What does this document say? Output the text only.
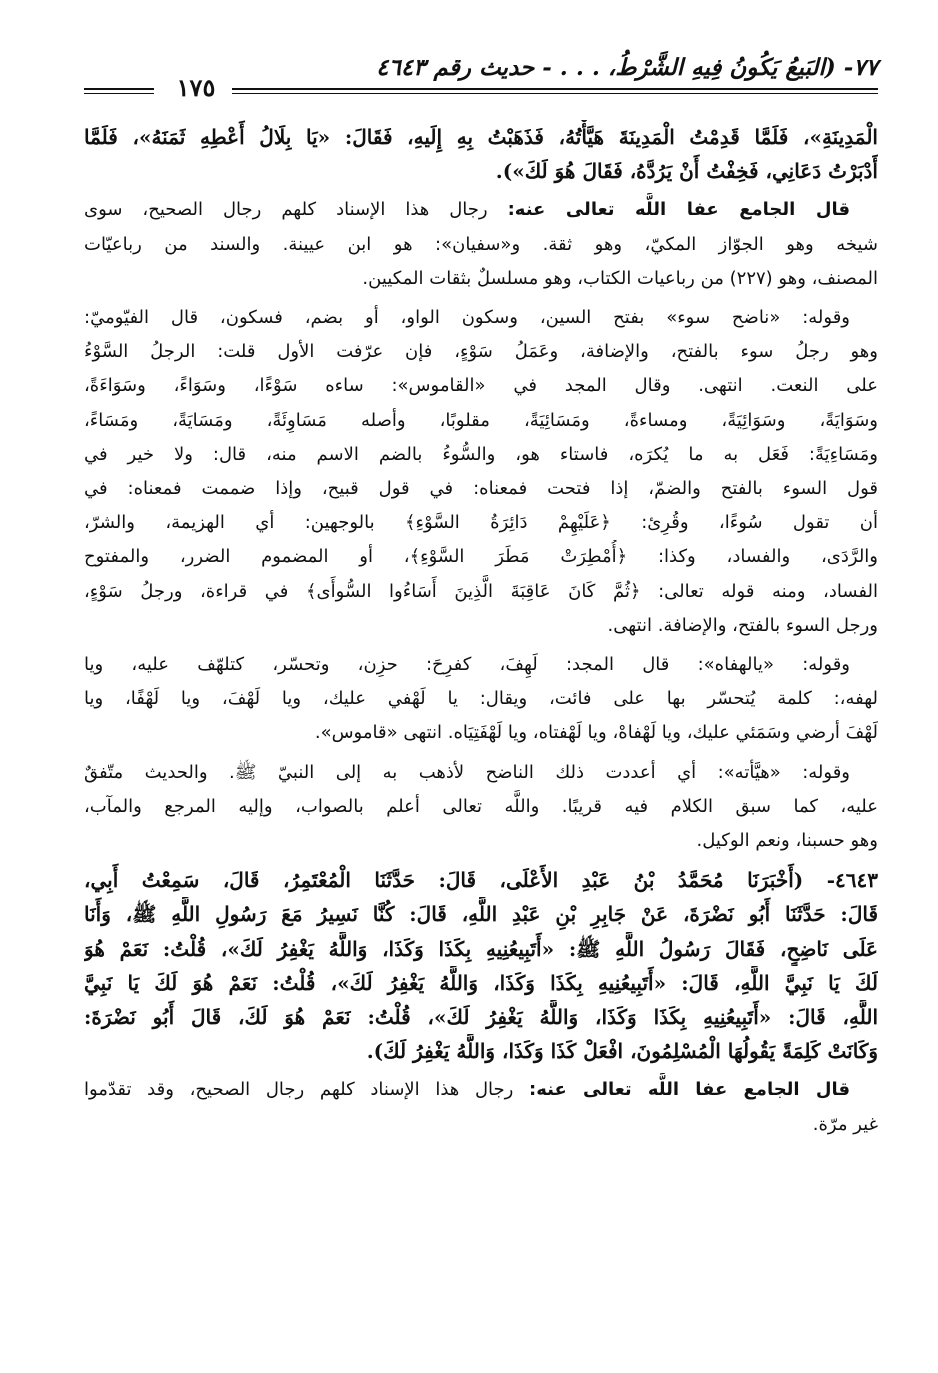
٧٧- (البَيعُ يَكُونُ فِيهِ الشَّرْطُ، . . . - حديث رقم ٤٦٤٣
١٧٥
الْمَدِينَةِ»، فَلَمَّا قَدِمْتُ الْمَدِينَةَ هَيَّأْتُهُ، فَذَهَبْتُ بِهِ إِلَيهِ، فَقَالَ: «يَا بِلَالُ أَعْطِهِ ثَمَنَهُ»، فَلَمَّا
أَدْبَرْتُ دَعَانِي، فَخِفْتُ أَنْ يَرُدَّهُ، فَقَالَ هُوَ لَكَ»).
قال الجامع عفا اللَّه تعالى عنه: رجال هذا الإسناد كلهم رجال الصحيح، سوى
شيخه وهو الجوّاز المكيّ، وهو ثقة. و«سفيان»: هو ابن عيينة. والسند من رباعيّات
المصنف، وهو (٢٢٧) من رباعيات الكتاب، وهو مسلسلٌ بثقات المكيين.
وقوله: «ناضح سوء» بفتح السين، وسكون الواو، أو بضم، فسكون، قال الفيّوميّ:
وهو رجلُ سوء بالفتح، والإضافة، وعَمَلُ سَوْءٍ، فإن عرّفت الأول قلت: الرجلُ السَّوْءُ
على النعت. انتهى. وقال المجد في «القاموس»: ساءه سَوْءًا، وسَوَاءً، وسَوَاءَةً،
وسَوَايَةً، وسَوَائِيَةً، ومساءةً، ومَسَائِيَةً، مقلوبًا، وأصله مَسَاوِئَةً، ومَسَايَةً، ومَسَاءً،
ومَسَاءِيَةً: فَعَل به ما يُكرَه، فاستاء هو، والسُّوءُ بالضم الاسم منه، قال: ولا خير في
قول السوء بالفتح والضمّ، إذا فتحت فمعناه: في قول قبيح، وإذا ضممت فمعناه: في
أن تقول سُوءًا، وقُرِئ: ﴿عَلَيْهِمْ دَائِرَةُ السَّوْءِ﴾ بالوجهين: أي الهزيمة، والشرّ،
والرَّدَى، والفساد، وكذا: ﴿أُمْطِرَتْ مَطَرَ السَّوْءِ﴾، أو المضموم الضرر، والمفتوح
الفساد، ومنه قوله تعالى: ﴿ثُمَّ كَانَ عَاقِبَةَ الَّذِينَ أَسَاءُوا السُّوأَى﴾ في قراءة، ورجلُ سَوْءٍ،
ورجل السوء بالفتح، والإضافة. انتهى.
وقوله: «يالهفاه»: قال المجد: لَهِفَ، كفرِحَ: حزِن، وتحسّر، كتلهّف عليه، ويا
لهفه،: كلمة يُتحسّر بها على فائت، ويقال: يا لَهْفي عليك، ويا لَهْفَ، ويا لَهْفًا، ويا
لَهْفَ أرضي وسَمَئي عليك، ويا لَهْفاهْ، ويا لَهْفتاه، ويا لَهْفَتِيَاه. انتهى «قاموس».
وقوله: «هيَّأته»: أي أعددت ذلك الناضح لأذهب به إلى النبيّ ﷺ. والحديث متّفقٌ
عليه، كما سبق الكلام فيه قريبًا. واللَّه تعالى أعلم بالصواب، وإليه المرجع والمآب،
وهو حسبنا، ونعم الوكيل.
٤٦٤٣- (أَخْبَرَنَا مُحَمَّدُ بْنُ عَبْدِ الأَعْلَى، قَالَ: حَدَّثَنَا الْمُعْتَمِرُ، قَالَ، سَمِعْتُ أَبِي،
قَالَ: حَدَّثَنَا أَبُو نَضْرَةَ، عَنْ جَابِرِ بْنِ عَبْدِ اللَّهِ، قَالَ: كُنَّا نَسِيرُ مَعَ رَسُولِ اللَّهِ ﷺ، وَأَنَا
عَلَى نَاضِحٍ، فَقَالَ رَسُولُ اللَّهِ ﷺ: «أَتَبِيعُنِيهِ بِكَذَا وَكَذَا، وَاللَّهُ يَغْفِرُ لَكَ»، قُلْتُ: نَعَمْ هُوَ
لَكَ يَا نَبِيَّ اللَّهِ، قَالَ: «أَتَبِيعُنِيهِ بِكَذَا وَكَذَا، وَاللَّهُ يَغْفِرُ لَكَ»، قُلْتُ: نَعَمْ هُوَ لَكَ يَا نَبِيَّ
اللَّهِ، قَالَ: «أَتَبِيعُنِيهِ بِكَذَا وَكَذَا، وَاللَّهُ يَغْفِرُ لَكَ»، قُلْتُ: نَعَمْ هُوَ لَكَ، قَالَ أَبُو نَضْرَةَ:
وَكَانَتْ كَلِمَةً يَقُولُهَا الْمُسْلِمُونَ، افْعَلْ كَذَا وَكَذَا، وَاللَّهُ يَغْفِرُ لَكَ).
قال الجامع عفا اللَّه تعالى عنه: رجال هذا الإسناد كلهم رجال الصحيح، وقد تقدّموا
غير مرّة.
